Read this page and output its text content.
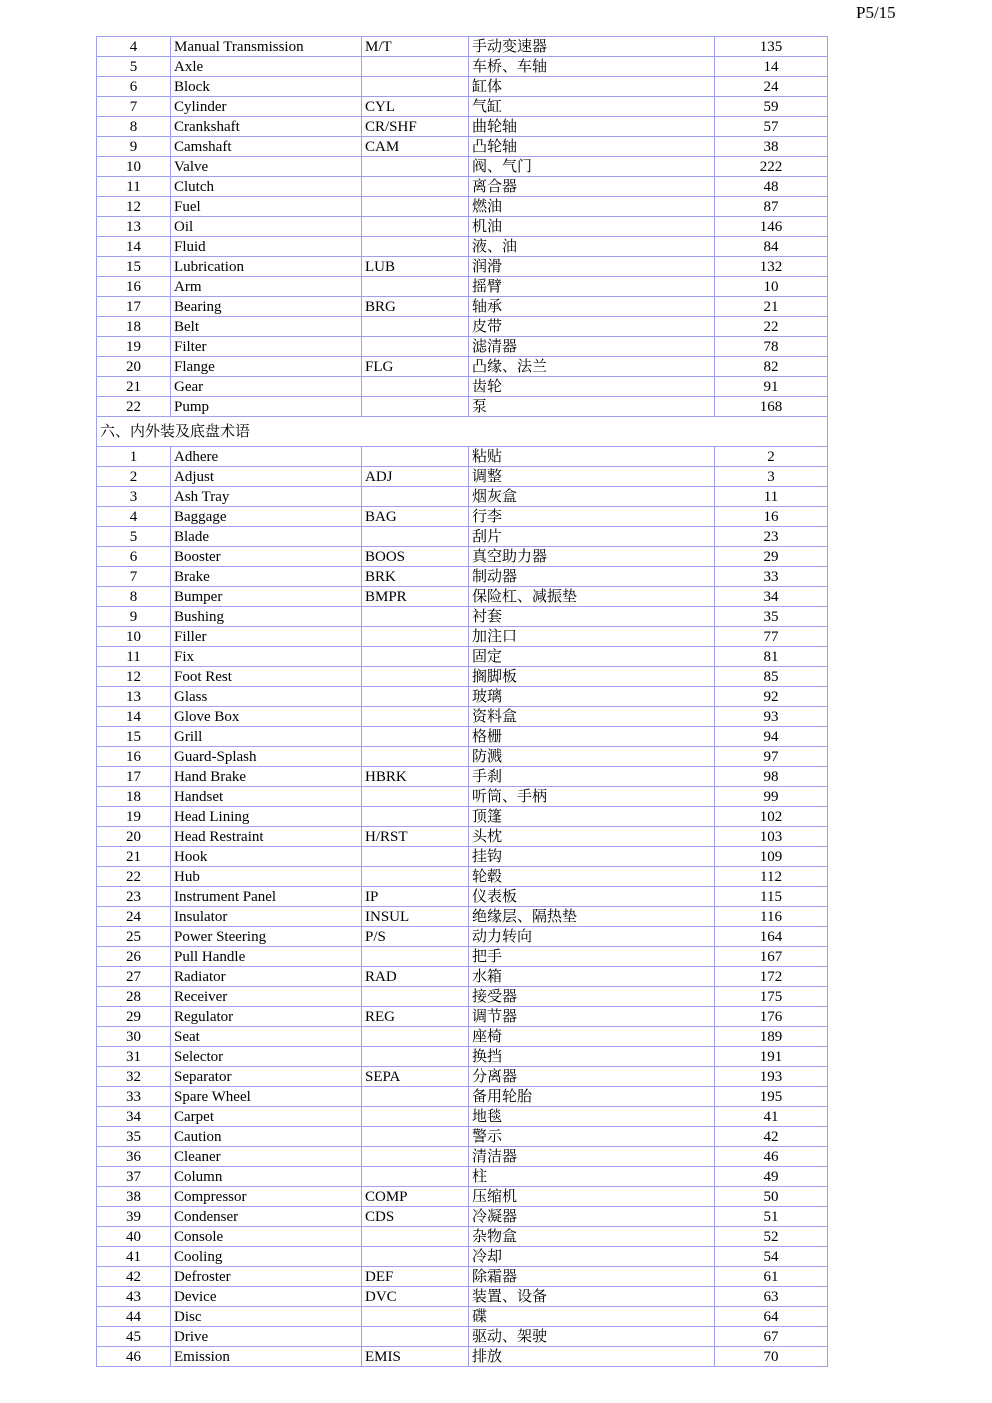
P5/15
4	Manual Transmission	M/T	手动变速器	135
5	Axle		车桥、车轴	14
6	Block		缸体	24
7	Cylinder	CYL	气缸	59
8	Crankshaft	CR/SHF	曲轮轴	57
9	Camshaft	CAM	凸轮轴	38
10	Valve		阀、气门	222
11	Clutch		离合器	48
12	Fuel		燃油	87
13	Oil		机油	146
14	Fluid		液、油	84
15	Lubrication	LUB	润滑	132
16	Arm		摇臂	10
17	Bearing	BRG	轴承	21
18	Belt		皮带	22
19	Filter		滤清器	78
20	Flange	FLG	凸缘、法兰	82
21	Gear		齿轮	91
22	Pump		泵	168
六、内外装及底盘术语				
1	Adhere		粘贴	2
2	Adjust	ADJ	调整	3
3	Ash Tray		烟灰盒	11
4	Baggage	BAG	行李	16
5	Blade		刮片	23
6	Booster	BOOS	真空助力器	29
7	Brake	BRK	制动器	33
8	Bumper	BMPR	保险杠、减振垫	34
9	Bushing		衬套	35
10	Filler		加注口	77
11	Fix		固定	81
12	Foot Rest		搁脚板	85
13	Glass		玻璃	92
14	Glove Box		资料盒	93
15	Grill		格栅	94
16	Guard-Splash		防溅	97
17	Hand Brake	HBRK	手刹	98
18	Handset		听筒、手柄	99
19	Head Lining		顶篷	102
20	Head Restraint	H/RST	头枕	103
21	Hook		挂钩	109
22	Hub		轮毂	112
23	Instrument Panel	IP	仪表板	115
24	Insulator	INSUL	绝缘层、隔热垫	116
25	Power Steering	P/S	动力转向	164
26	Pull Handle		把手	167
27	Radiator	RAD	水箱	172
28	Receiver		接受器	175
29	Regulator	REG	调节器	176
30	Seat		座椅	189
31	Selector		换挡	191
32	Separator	SEPA	分离器	193
33	Spare Wheel		备用轮胎	195
34	Carpet		地毯	41
35	Caution		警示	42
36	Cleaner		清洁器	46
37	Column		柱	49
38	Compressor	COMP	压缩机	50
39	Condenser	CDS	冷凝器	51
40	Console		杂物盒	52
41	Cooling		冷却	54
42	Defroster	DEF	除霜器	61
43	Device	DVC	装置、设备	63
44	Disc		碟	64
45	Drive		驱动、架驶	67
46	Emission	EMIS	排放	70
